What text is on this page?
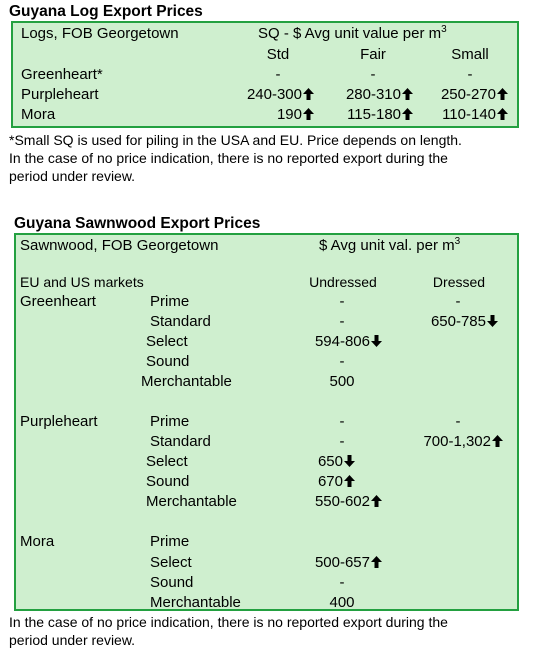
Guyana Log Export Prices
Logs, FOB Georgetown	SQ - $ Avg unit value per $m^3$
Std	Fair	Small
Greenheart*	-	-	-
Purpleheart	240-300	280-310	250-270
Mora	190	115-180	110-140
*Small SQ is used for piling in the USA and EU. Price depends on length.
In the case of no price indication, there is no reported export during the
period under review.
Guyana Sawnwood Export Prices
Sawnwood, FOB Georgetown	$ Avg unit val. per $m^3$
EU and US markets	Undressed	Dressed
Greenheart	Prime	-	-
Standard	-	650-785
Select	594-806
Sound	-
Merchantable	500
Purpleheart	Prime	-	-
Standard	-	700-1,302
Select	650
Sound	670
Merchantable	550-602
Mora	Prime
Select	500-657
Sound	-
Merchantable	400
In the case of no price indication, there is no reported export during the
period under review.
